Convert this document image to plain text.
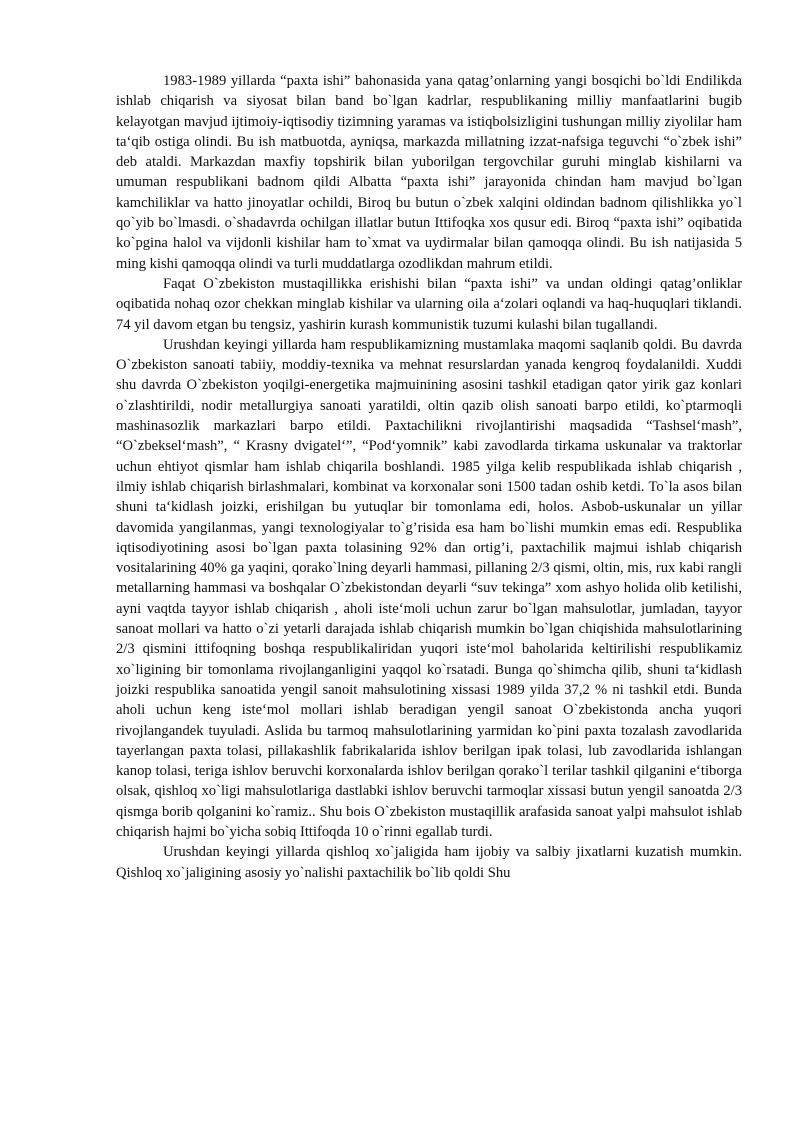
1983-1989 yillarda “paxta ishi” bahonasida yana qatag’onlarning yangi bosqichi bo`ldi Endilikda ishlab chiqarish va siyosat bilan band bo`lgan kadrlar, respublikaning milliy manfaatlarini bugib kelayotgan mavjud ijtimoiy-iqtisodiy tizimning yaramas va istiqbolsizligini tushungan milliy ziyolilar ham ta‘qib ostiga olindi. Bu ish matbuotda, ayniqsa, markazda millatning izzat-nafsiga teguvchi “o`zbek ishi” deb ataldi. Markazdan maxfiy topshirik bilan yuborilgan tergovchilar guruhi minglab kishilarni va umuman respublikani badnom qildi Albatta “paxta ishi” jarayonida chindan ham mavjud bo`lgan kamchiliklar va hatto jinoyatlar ochildi, Biroq bu butun o`zbek xalqini oldindan badnom qilishlikka yo`l qo`yib bo`lmasdi. o`shadavrda ochilgan illatlar butun Ittifoqka xos qusur edi. Biroq “paxta ishi” oqibatida ko`pgina halol va vijdonli kishilar ham to`xmat va uydirmalar bilan qamoqqa olindi. Bu ish natijasida 5 ming kishi qamoqqa olindi va turli muddatlarga ozodlikdan mahrum etildi.

Faqat O`zbekiston mustaqillikka erishishi bilan “paxta ishi” va undan oldingi qatag’onliklar oqibatida nohaq ozor chekkan minglab kishilar va ularning oila a‘zolari oqlandi va haq-huquqlari tiklandi. 74 yil davom etgan bu tengsiz, yashirin kurash kommunistik tuzumi kulashi bilan tugallandi.

Urushdan keyingi yillarda ham respublikamizning mustamlaka maqomi saqlanib qoldi. Bu davrda O`zbekiston sanoati tabiiy, moddiy-texnika va mehnat resurslardan yanada kengroq foydalanildi. Xuddi shu davrda O`zbekiston yoqilgi-energetika majmuinining asosini tashkil etadigan qator yirik gaz konlari o`zlashtirildi, nodir metallurgiya sanoati yaratildi, oltin qazib olish sanoati barpo etildi, ko`ptarmoqli mashinasozlik markazlari barpo etildi. Paxtachilikni rivojlantirishi maqsadida “Tashsel‘mash”, “O`zbeksel‘mash”, “ Krasny dvigatel‘”, “Pod‘yomnik” kabi zavodlarda tirkama uskunalar va traktorlar uchun ehtiyot qismlar ham ishlab chiqarila boshlandi. 1985 yilga kelib respublikada ishlab chiqarish , ilmiy ishlab chiqarish birlashmalari, kombinat va korxonalar soni 1500 tadan oshib ketdi. To`la asos bilan shuni ta‘kidlash joizki, erishilgan bu yutuqlar bir tomonlama edi, holos. Asbob-uskunalar un yillar davomida yangilanmas, yangi texnologiyalar to`g’risida esa ham bo`lishi mumkin emas edi. Respublika iqtisodiyotining asosi bo`lgan paxta tolasining 92% dan ortig’i, paxtachilik majmui ishlab chiqarish vositalarining 40% ga yaqini, qorako`lning deyarli hammasi, pillaning 2/3 qismi, oltin, mis, rux kabi rangli metallarning hammasi va boshqalar O`zbekistondan deyarli “suv tekinga” xom ashyo holida olib ketilishi, ayni vaqtda tayyor ishlab chiqarish , aholi iste‘moli uchun zarur bo`lgan mahsulotlar, jumladan, tayyor sanoat mollari va hatto o`zi yetarli darajada ishlab chiqarish mumkin bo`lgan chiqishida mahsulotlarining 2/3 qismini ittifoqning boshqa respublikaliridan yuqori iste‘mol baholarida keltirilishi respublikamiz xo`ligining bir tomonlama rivojlanganligini yaqqol ko`rsatadi. Bunga qo`shimcha qilib, shuni ta‘kidlash joizki respublika sanoatida yengil sanoit mahsulotining xissasi 1989 yilda 37,2 % ni tashkil etdi. Bunda aholi uchun keng iste‘mol mollari ishlab beradigan yengil sanoat O`zbekistonda ancha yuqori rivojlangandek tuyuladi. Aslida bu tarmoq mahsulotlarining yarmidan ko`pini paxta tozalash zavodlarida tayerlangan paxta tolasi, pillakashlik fabrikalarida ishlov berilgan ipak tolasi, lub zavodlarida ishlangan kanop tolasi, teriga ishlov beruvchi korxonalarda ishlov berilgan qorako`l terilar tashkil qilganini e‘tiborga olsak, qishloq xo`ligi mahsulotlariga dastlabki ishlov beruvchi tarmoqlar xissasi butun yengil sanoatda 2/3 qismga borib qolganini ko`ramiz.. Shu bois O`zbekiston mustaqillik arafasida sanoat yalpi mahsulot ishlab chiqarish hajmi bo`yicha sobiq Ittifoqda 10 o`rinni egallab turdi.

Urushdan keyingi yillarda qishloq xo`jaligida ham ijobiy va salbiy jixatlarni kuzatish mumkin. Qishloq xo`jaligining asosiy yo`nalishi paxtachilik bo`lib qoldi Shu
